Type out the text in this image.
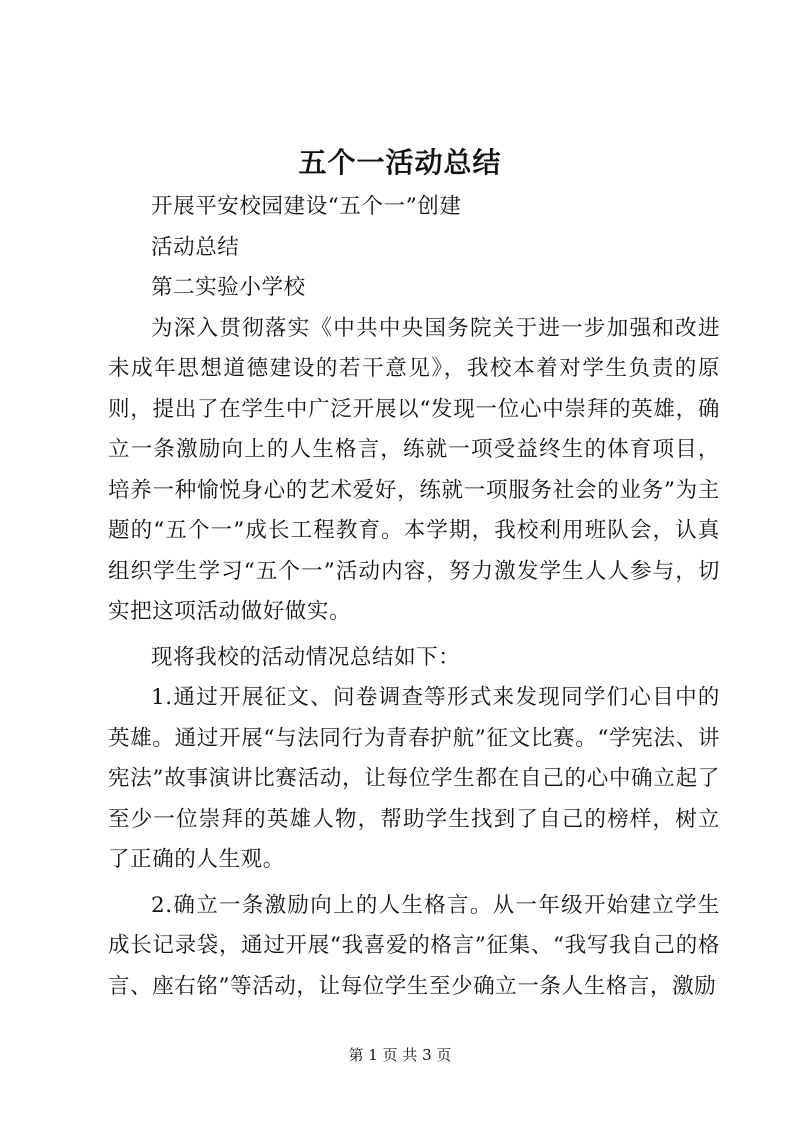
五个一活动总结

开展平安校园建设“五个一”创建

活动总结

第二实验小学校

为深入贯彻落实《中共中央国务院关于进一步加强和改进未成年思想道德建设的若干意见》，我校本着对学生负责的原则，提出了在学生中广泛开展以“发现一位心中崇拜的英雄，确立一条激励向上的人生格言，练就一项受益终生的体育项目，培养一种愉悦身心的艺术爱好，练就一项服务社会的业务”为主题的“五个一”成长工程教育。本学期，我校利用班队会，认真组织学生学习“五个一”活动内容，努力激发学生人人参与，切实把这项活动做好做实。

现将我校的活动情况总结如下：

1.通过开展征文、问卷调查等形式来发现同学们心目中的英雄。通过开展“与法同行为青春护航”征文比赛。“学宪法、讲宪法”故事演讲比赛活动，让每位学生都在自己的心中确立起了至少一位崇拜的英雄人物，帮助学生找到了自己的榜样，树立了正确的人生观。

2.确立一条激励向上的人生格言。从一年级开始建立学生成长记录袋，通过开展“我喜爱的格言”征集、“我写我自己的格言、座右铭”等活动，让每位学生至少确立一条人生格言，激励

第 1 页 共 3 页
